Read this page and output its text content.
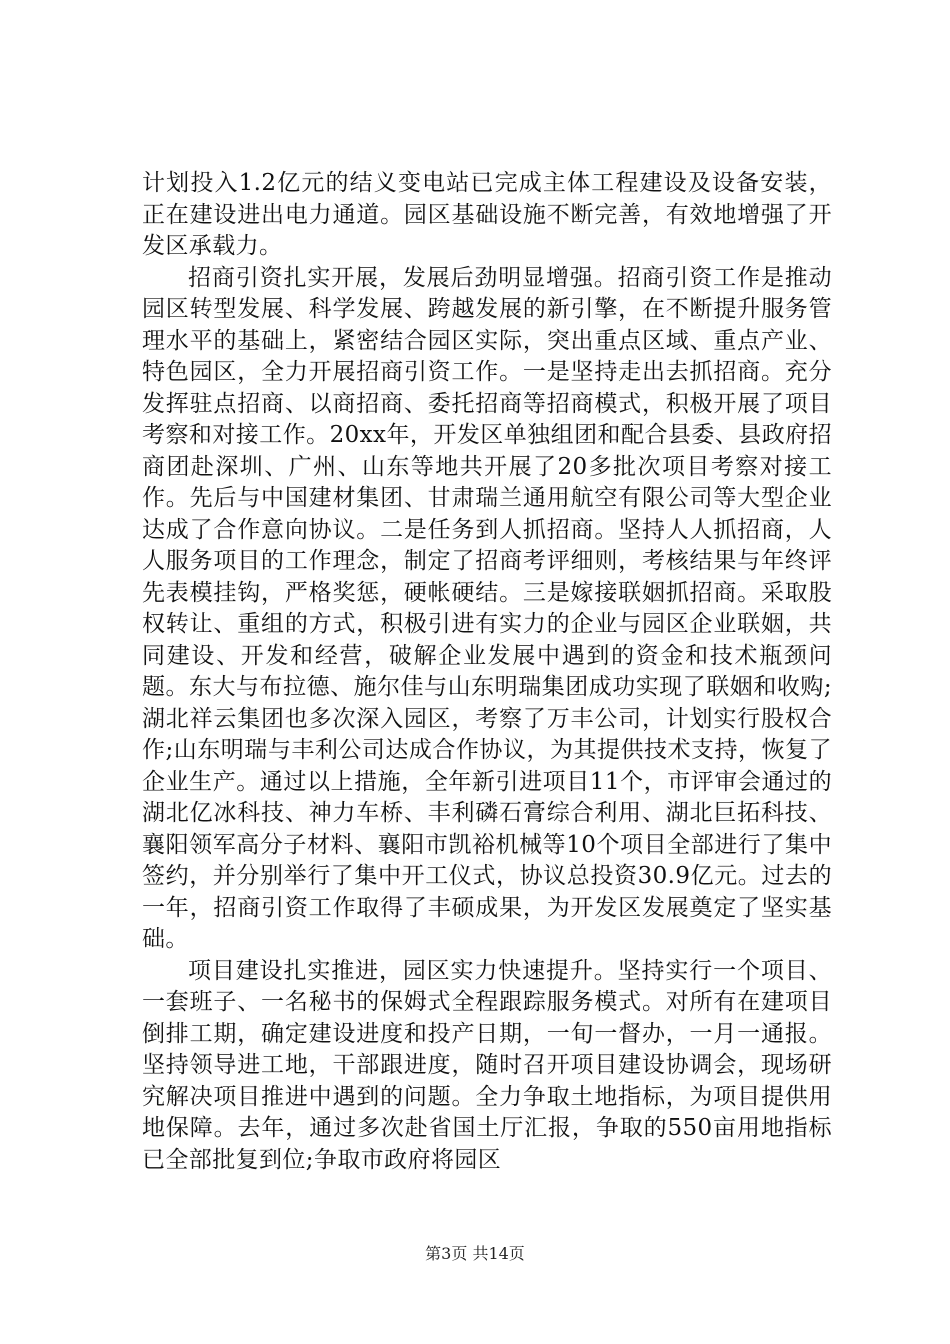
计划投入1.2亿元的结义变电站已完成主体工程建设及设备安装，正在建设进出电力通道。园区基础设施不断完善，有效地增强了开发区承载力。

招商引资扎实开展，发展后劲明显增强。招商引资工作是推动园区转型发展、科学发展、跨越发展的新引擎，在不断提升服务管理水平的基础上，紧密结合园区实际，突出重点区域、重点产业、特色园区，全力开展招商引资工作。一是坚持走出去抓招商。充分发挥驻点招商、以商招商、委托招商等招商模式，积极开展了项目考察和对接工作。20xx年，开发区单独组团和配合县委、县政府招商团赴深圳、广州、山东等地共开展了20多批次项目考察对接工作。先后与中国建材集团、甘肃瑞兰通用航空有限公司等大型企业达成了合作意向协议。二是任务到人抓招商。坚持人人抓招商，人人服务项目的工作理念，制定了招商考评细则，考核结果与年终评先表模挂钩，严格奖惩，硬帐硬结。三是嫁接联姻抓招商。采取股权转让、重组的方式，积极引进有实力的企业与园区企业联姻，共同建设、开发和经营，破解企业发展中遇到的资金和技术瓶颈问题。东大与布拉德、施尔佳与山东明瑞集团成功实现了联姻和收购;湖北祥云集团也多次深入园区，考察了万丰公司，计划实行股权合作;山东明瑞与丰利公司达成合作协议，为其提供技术支持，恢复了企业生产。通过以上措施，全年新引进项目11个，市评审会通过的湖北亿冰科技、神力车桥、丰利磷石膏综合利用、湖北巨拓科技、襄阳领军高分子材料、襄阳市凯裕机械等10个项目全部进行了集中签约，并分别举行了集中开工仪式，协议总投资30.9亿元。过去的一年，招商引资工作取得了丰硕成果，为开发区发展奠定了坚实基础。

项目建设扎实推进，园区实力快速提升。坚持实行一个项目、一套班子、一名秘书的保姆式全程跟踪服务模式。对所有在建项目倒排工期，确定建设进度和投产日期，一旬一督办，一月一通报。坚持领导进工地，干部跟进度，随时召开项目建设协调会，现场研究解决项目推进中遇到的问题。全力争取土地指标，为项目提供用地保障。去年，通过多次赴省国土厅汇报，争取的550亩用地指标已全部批复到位;争取市政府将园区

第3页 共14页
